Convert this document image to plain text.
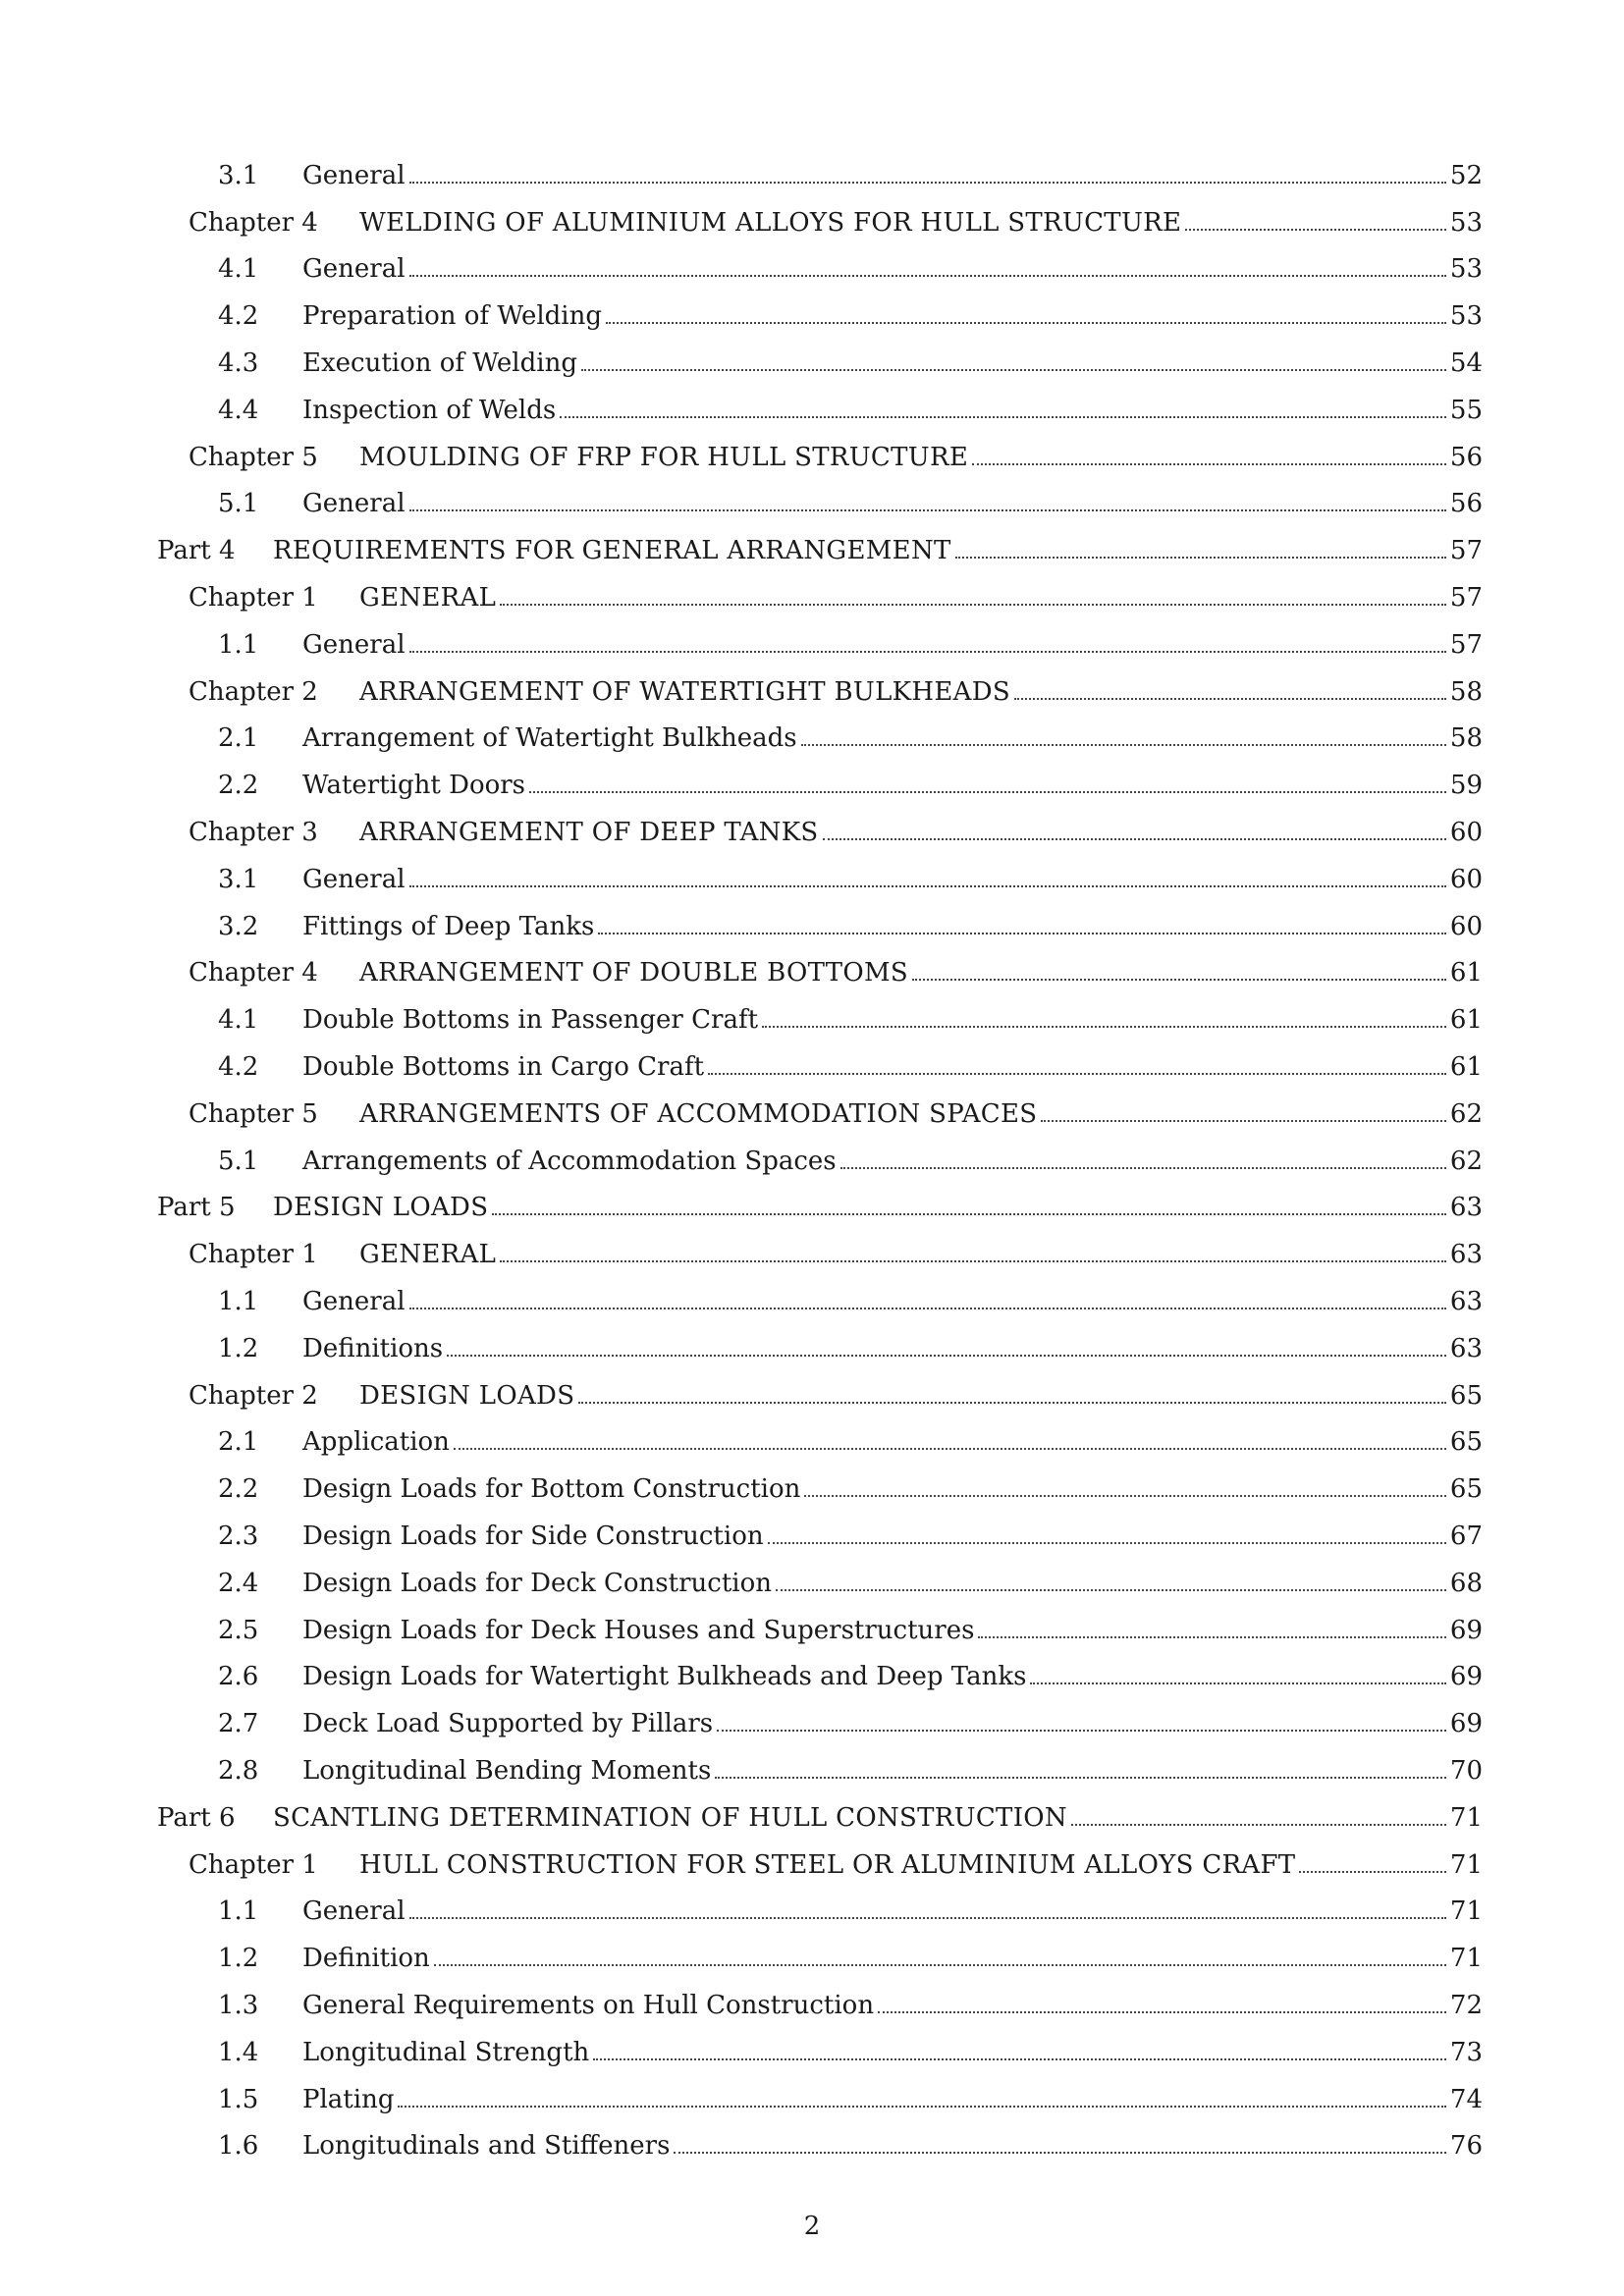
3.1	General	52
Chapter 4	WELDING OF ALUMINIUM ALLOYS FOR HULL STRUCTURE	53
4.1	General	53
4.2	Preparation of Welding	53
4.3	Execution of Welding	54
4.4	Inspection of Welds	55
Chapter 5	MOULDING OF FRP FOR HULL STRUCTURE	56
5.1	General	56
Part 4	REQUIREMENTS FOR GENERAL ARRANGEMENT	57
Chapter 1	GENERAL	57
1.1	General	57
Chapter 2	ARRANGEMENT OF WATERTIGHT BULKHEADS	58
2.1	Arrangement of Watertight Bulkheads	58
2.2	Watertight Doors	59
Chapter 3	ARRANGEMENT OF DEEP TANKS	60
3.1	General	60
3.2	Fittings of Deep Tanks	60
Chapter 4	ARRANGEMENT OF DOUBLE BOTTOMS	61
4.1	Double Bottoms in Passenger Craft	61
4.2	Double Bottoms in Cargo Craft	61
Chapter 5	ARRANGEMENTS OF ACCOMMODATION SPACES	62
5.1	Arrangements of Accommodation Spaces	62
Part 5	DESIGN LOADS	63
Chapter 1	GENERAL	63
1.1	General	63
1.2	Definitions	63
Chapter 2	DESIGN LOADS	65
2.1	Application	65
2.2	Design Loads for Bottom Construction	65
2.3	Design Loads for Side Construction	67
2.4	Design Loads for Deck Construction	68
2.5	Design Loads for Deck Houses and Superstructures	69
2.6	Design Loads for Watertight Bulkheads and Deep Tanks	69
2.7	Deck Load Supported by Pillars	69
2.8	Longitudinal Bending Moments	70
Part 6	SCANTLING DETERMINATION OF HULL CONSTRUCTION	71
Chapter 1	HULL CONSTRUCTION FOR STEEL OR ALUMINIUM ALLOYS CRAFT	71
1.1	General	71
1.2	Definition	71
1.3	General Requirements on Hull Construction	72
1.4	Longitudinal Strength	73
1.5	Plating	74
1.6	Longitudinals and Stiffeners	76
2
